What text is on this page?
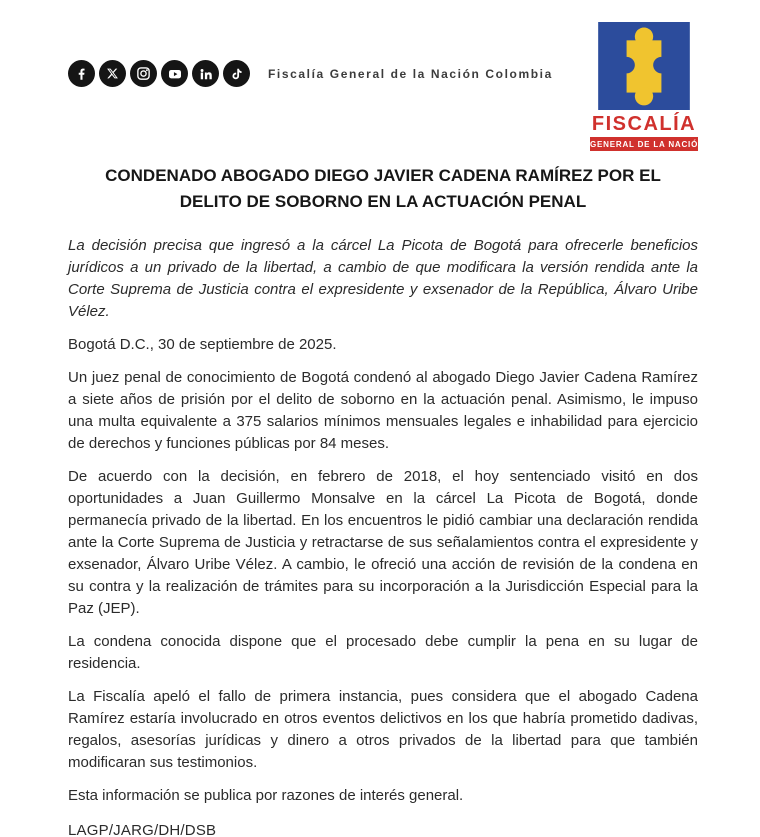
Fiscalía General de la Nación Colombia
FISCALÍA
GENERAL DE LA NACIÓN
CONDENADO ABOGADO DIEGO JAVIER CADENA RAMÍREZ POR EL DELITO DE SOBORNO EN LA ACTUACIÓN PENAL

La decisión precisa que ingresó a la cárcel La Picota de Bogotá para ofrecerle beneficios jurídicos a un privado de la libertad, a cambio de que modificara la versión rendida ante la Corte Suprema de Justicia contra el expresidente y exsenador de la República, Álvaro Uribe Vélez.

Bogotá D.C., 30 de septiembre de 2025.

Un juez penal de conocimiento de Bogotá condenó al abogado Diego Javier Cadena Ramírez a siete años de prisión por el delito de soborno en la actuación penal. Asimismo, le impuso una multa equivalente a 375 salarios mínimos mensuales legales e inhabilidad para ejercicio de derechos y funciones públicas por 84 meses.

De acuerdo con la decisión, en febrero de 2018, el hoy sentenciado visitó en dos oportunidades a Juan Guillermo Monsalve en la cárcel La Picota de Bogotá, donde permanecía privado de la libertad. En los encuentros le pidió cambiar una declaración rendida ante la Corte Suprema de Justicia y retractarse de sus señalamientos contra el expresidente y exsenador, Álvaro Uribe Vélez. A cambio, le ofreció una acción de revisión de la condena en su contra y la realización de trámites para su incorporación a la Jurisdicción Especial para la Paz (JEP).

La condena conocida dispone que el procesado debe cumplir la pena en su lugar de residencia.

La Fiscalía apeló el fallo de primera instancia, pues considera que el abogado Cadena Ramírez estaría involucrado en otros eventos delictivos en los que habría prometido dadivas, regalos, asesorías jurídicas y dinero a otros privados de la libertad para que también modificaran sus testimonios.

Esta información se publica por razones de interés general.

LAGP/JARG/DH/DSB
